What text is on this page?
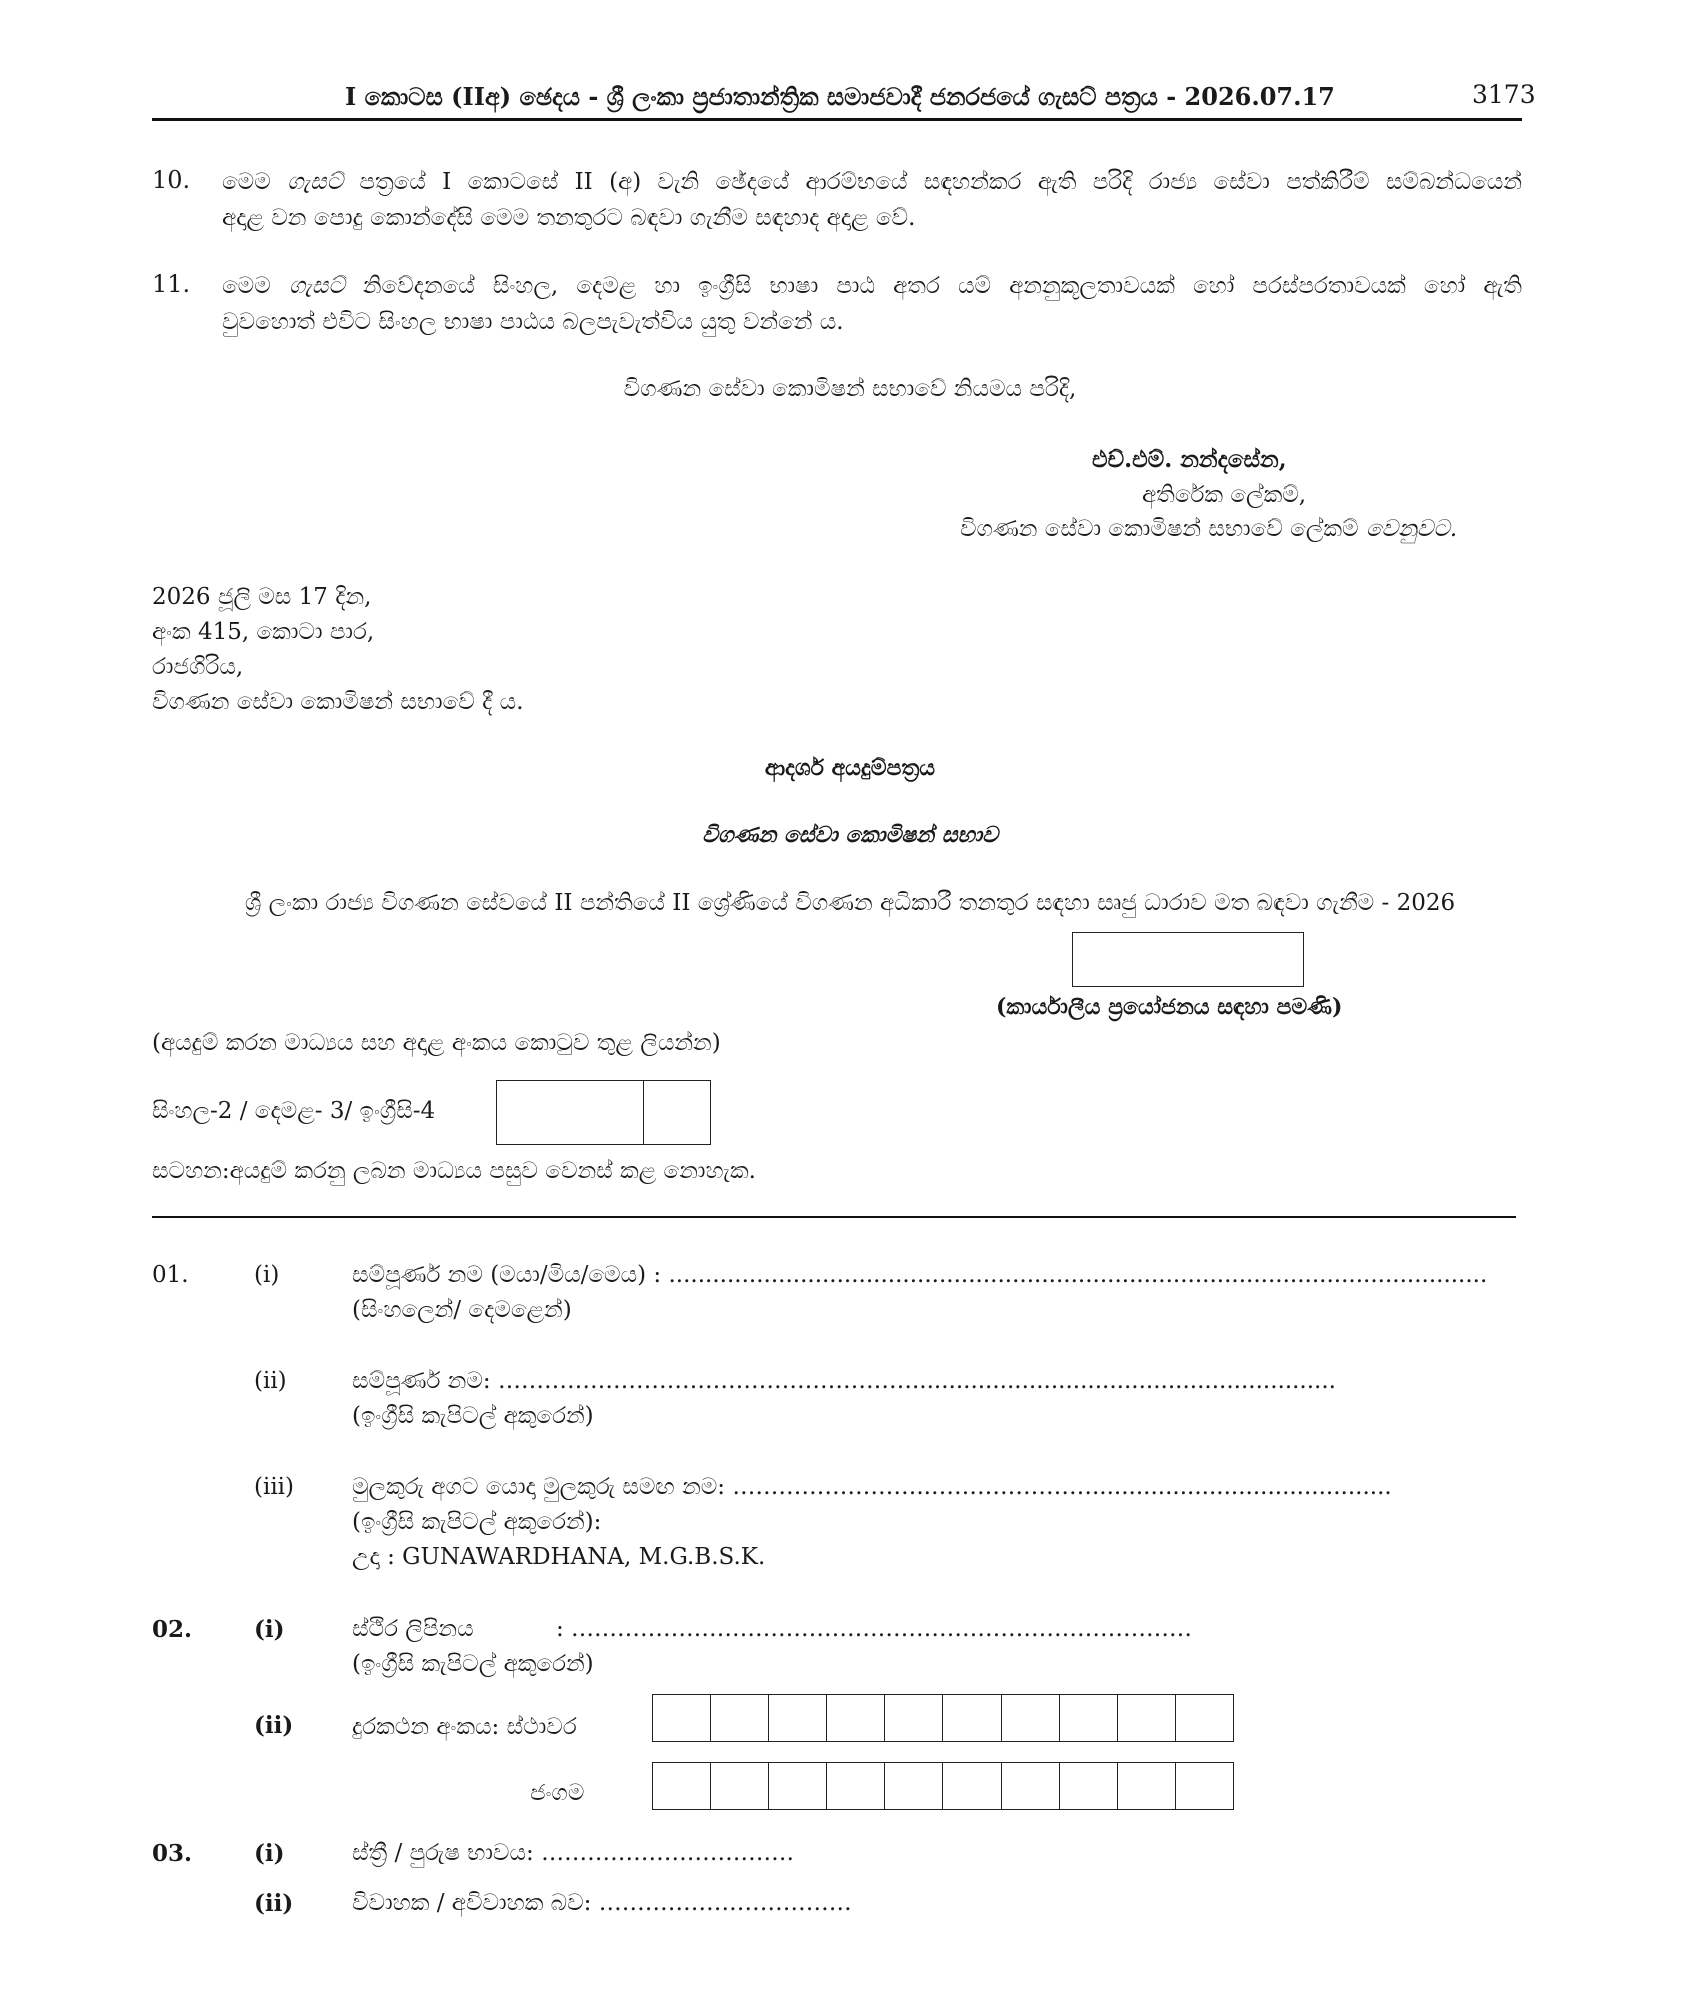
I කොටස (IIඅ) ඡෙදය - ශ්‍රී ලංකා ප්‍රජාතාන්ත්‍රික සමාජවාදී ජනරජයේ ගැසට් පත්‍රය - 2026.07.17	3173
10. මෙම ගැසට් පත්‍රයේ I කොටසේ II (අ) වැනි ඡේදයේ ආරම්භයේ සඳහන්කර ඇති පරිදි රාජ්‍ය සේවා පත්කිරීම් සම්බන්ධයෙන්
අදාළ වන පොදු කොන්දේසි මෙම තනතුරට බඳවා ගැනීම සඳහාද අදාළ වේ.
11. මෙම ගැසට් නිවේදනයේ සිංහල, දෙමළ හා ඉංග්‍රීසි භාෂා පාඨ අතර යම් අනනුකූලතාවයක් හෝ පරස්පරතාවයක් හෝ ඇති
වුවහොත් එවිට සිංහල භාෂා පාඨය බලපැවැත්විය යුතු වන්නේ ය.
විගණන සේවා කොමිෂන් සභාවේ නියමය පරිදි,
එච්.එම්. නන්දසේන,
අතිරේක ලේකම්,
විගණන සේවා කොමිෂන් සභාවේ ලේකම් වෙනුවට.
2026 ජූලි මස 17 දින,
අංක 415, කොටා පාර,
රාජගිරිය,
විගණන සේවා කොමිෂන් සභාවේ දී ය.
ආදර්ශ අයදුම්පත්‍රය
විගණන සේවා කොමිෂන් සභාව
ශ්‍රී ලංකා රාජ්‍ය විගණන සේවයේ II පන්තියේ II ශ්‍රේණියේ විගණන අධිකාරී තනතුර සඳහා සෘජු ධාරාව මත බඳවා ගැනීම - 2026
(කාර්යාලීය ප්‍රයෝජනය සඳහා පමණි)
(අයදුම් කරන මාධ්‍යය සහ අදාළ අංකය කොටුව තුළ ලියන්න)
සිංහල-2 / දෙමළ- 3/ ඉංග්‍රීසි-4
සටහන:අයදුම් කරනු ලබන මාධ්‍යය පසුව වෙනස් කළ නොහැක.
01.	(i)	සම්පූර්ණ නම (මයා/මිය/මෙය) : ................................................................................................................
(සිංහලෙන්/ දෙමළෙන්)
(ii)	සම්පූර්ණ නම: ………………………………………………..........................................................
(ඉංග්‍රීසි කැපිටල් අකුරෙන්)
(iii)	මුලකුරු අගට යොදා මුලකුරු සමඟ නම: ……………………..………………….........................................
(ඉංග්‍රීසි කැපිටල් අකුරෙන්):
උදා : GUNAWARDHANA, M.G.B.S.K.
02.	(i)	ස්ථිර ලිපිනය	: ………………………………………………………………………
(ඉංග්‍රීසි කැපිටල් අකුරෙන්)
(ii)	දුරකථන අංකය: ස්ථාවර
ජංගම
03.	(i)	ස්ත්‍රී / පුරුෂ භාවය: ……………………………
(ii)	විවාහක / අවිවාහක බව: ……………………………
